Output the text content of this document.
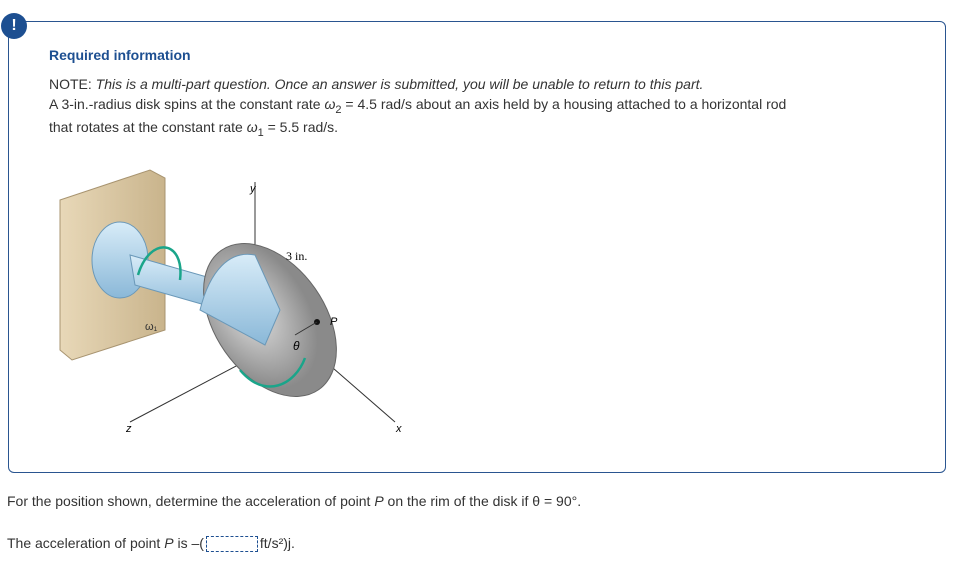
!
Required information
NOTE: This is a multi-part question. Once an answer is submitted, you will be unable to return to this part.
A 3-in.-radius disk spins at the constant rate $\omega_2 = 4.5$ rad/s about an axis held by a housing attached to a horizontal rod
that rotates at the constant rate $\omega_1 = 5.5$ rad/s.
y
x
z
3 in.
P
θ
ω₁
ω₂
For the position shown, determine the acceleration of point P on the rim of the disk if θ = 90°.
The acceleration of point P is –(	ft/s²)j.
